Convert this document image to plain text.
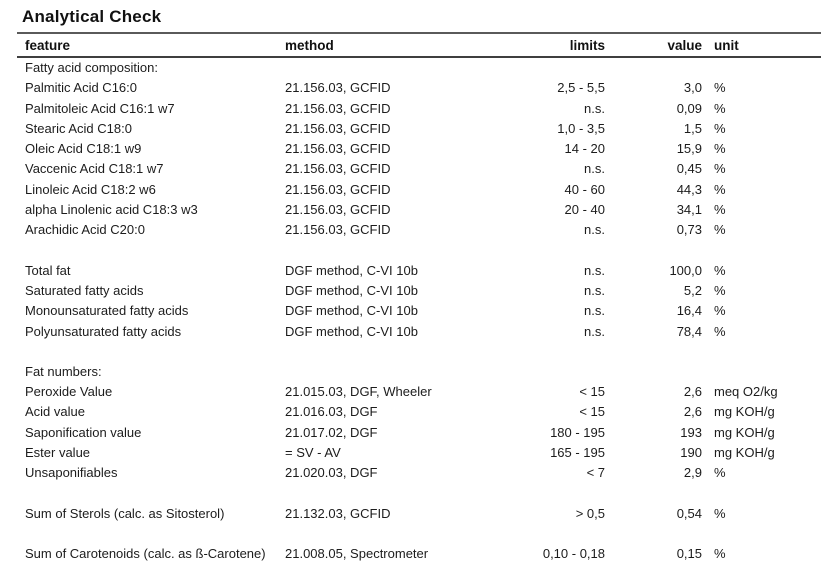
Analytical Check
feature	method	limits	value	unit
Fatty acid composition:				
Palmitic Acid C16:0	21.156.03, GCFID	2,5 - 5,5	3,0	%
Palmitoleic Acid C16:1 w7	21.156.03, GCFID	n.s.	0,09	%
Stearic Acid C18:0	21.156.03, GCFID	1,0 - 3,5	1,5	%
Oleic Acid C18:1 w9	21.156.03, GCFID	14 - 20	15,9	%
Vaccenic Acid C18:1 w7	21.156.03, GCFID	n.s.	0,45	%
Linoleic Acid C18:2 w6	21.156.03, GCFID	40 - 60	44,3	%
alpha Linolenic acid C18:3 w3	21.156.03, GCFID	20 - 40	34,1	%
Arachidic Acid C20:0	21.156.03, GCFID	n.s.	0,73	%

Total fat	DGF method, C-VI 10b	n.s.	100,0	%
Saturated fatty acids	DGF method, C-VI 10b	n.s.	5,2	%
Monounsaturated fatty acids	DGF method, C-VI 10b	n.s.	16,4	%
Polyunsaturated fatty acids	DGF method, C-VI 10b	n.s.	78,4	%

Fat numbers:				
Peroxide Value	21.015.03, DGF, Wheeler	< 15	2,6	meq O2/kg
Acid value	21.016.03, DGF	< 15	2,6	mg KOH/g
Saponification value	21.017.02, DGF	180 - 195	193	mg KOH/g
Ester value	= SV - AV	165 - 195	190	mg KOH/g
Unsaponifiables	21.020.03, DGF	< 7	2,9	%

Sum of Sterols (calc. as Sitosterol)	21.132.03, GCFID	> 0,5	0,54	%

Sum of Carotenoids (calc. as ß-Carotene)	21.008.05, Spectrometer	0,10 - 0,18	0,15	%
